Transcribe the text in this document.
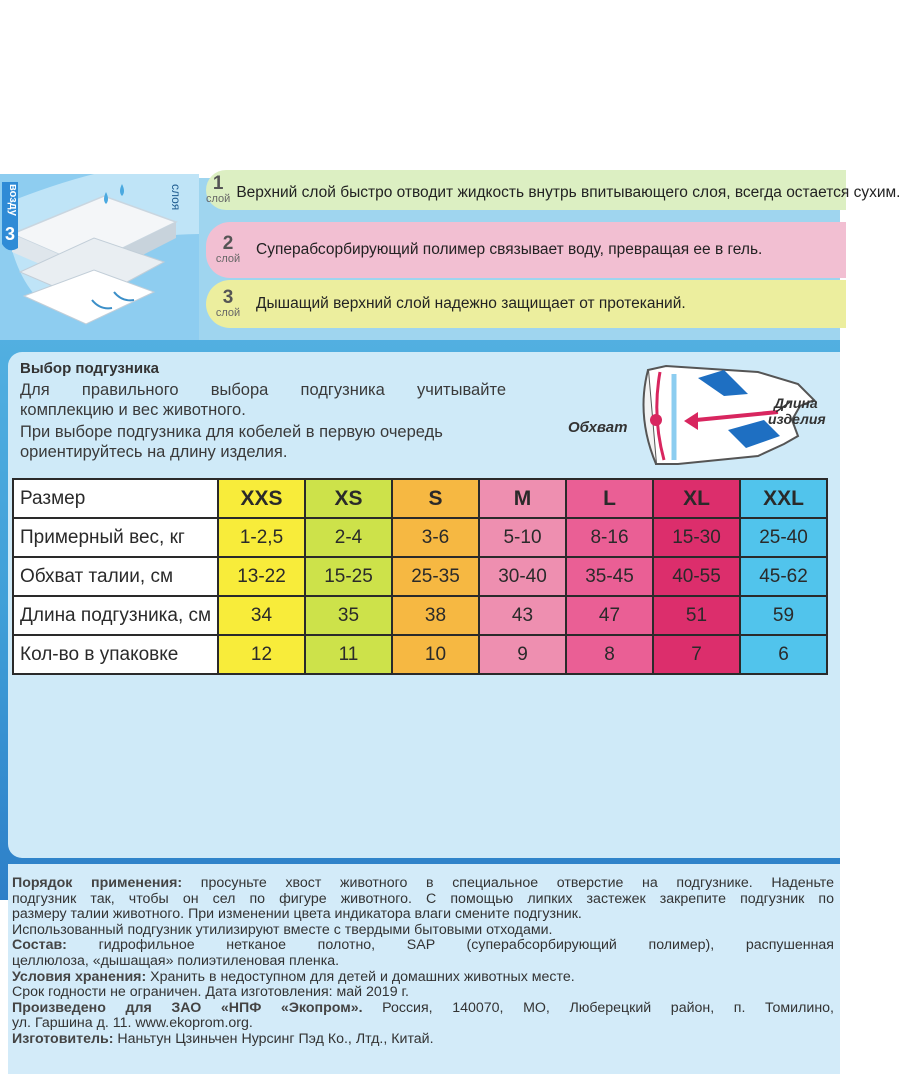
3
возду	слоя
1
слой Верхний слой быстро отводит жидкость внутрь впитывающего слоя, всегда остается сухим.
2
слой
Суперабсорбирующий полимер связывает воду, превращая ее в гель.
3
слой
Дышащий верхний слой надежно защищает от протеканий.
Выбор подгузника
Для правильного выбора подгузника учитывайте
комплекцию и вес животного.
При выборе подгузника для кобелей в первую очередь
ориентируйтесь на длину изделия.
Обхват
Длина
изделия
Размер	XXS	XS	S	M	L	XL	XXL
Примерный вес, кг	1-2,5	2-4	3-6	5-10	8-16	15-30	25-40
Обхват талии, см	13-22	15-25	25-35	30-40	35-45	40-55	45-62
Длина подгузника, см	34	35	38	43	47	51	59
Кол-во в упаковке	12	11	10	9	8	7	6

Порядок применения: просуньте хвост животного в специальное отверстие на подгузнике. Наденьте

подгузник так, чтобы он сел по фигуре животного. С помощью липких застежек закрепите подгузник по

размеру талии животного. При изменении цвета индикатора влаги смените подгузник.

Использованный подгузник утилизируют вместе с твердыми бытовыми отходами.

Состав: гидрофильное нетканое полотно, SAP (суперабсорбирующий полимер), распушенная

целлюлоза, «дышащая» полиэтиленовая пленка.

Условия хранения: Хранить в недоступном для детей и домашних животных месте.

Срок годности не ограничен. Дата изготовления: май 2019 г.

Произведено для ЗАО «НПФ «Экопром». Россия, 140070, МО, Люберецкий район, п. Томилино,

ул. Гаршина д. 11. www.ekoprom.org.

Изготовитель: Наньтун Цзиньчен Нурсинг Пэд Ко., Лтд., Китай.
